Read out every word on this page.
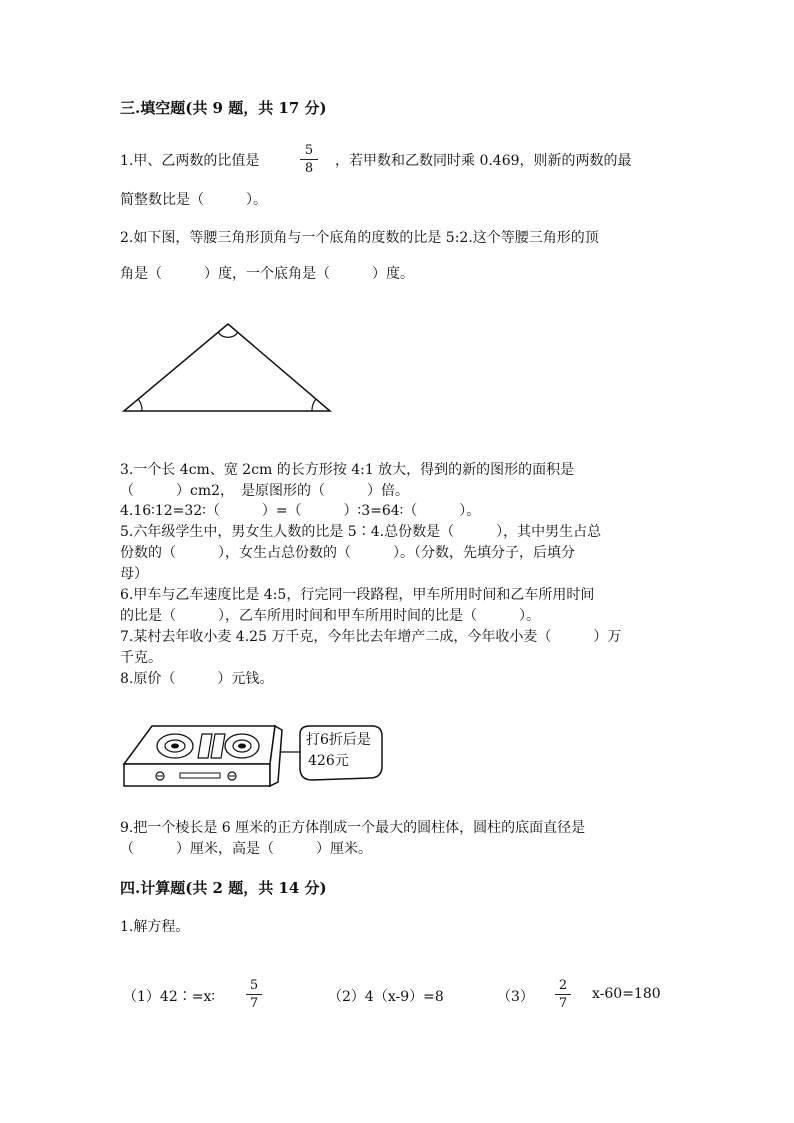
三.填空题(共 9 题，共 17 分)
1.甲、乙两数的比值是
5
8	，若甲数和乙数同时乘 0.469，则新的两数的最
简整数比是（　　　）。
2.如下图，等腰三角形顶角与一个底角的度数的比是 5:2.这个等腰三角形的顶
角是（　　　）度，一个底角是（　　　）度。
3.一个长 4cm、宽 2cm 的长方形按 4:1 放大，得到的新的图形的面积是
（　　　）cm2，　是原图形的（　　　）倍。
4.16∶12=32∶（　　　）=（　　　）∶3=64∶（　　　）。
5.六年级学生中，男女生人数的比是 5∶4.总份数是（　　　），其中男生占总
份数的（　　　），女生占总份数的（　　　）。（分数，先填分子，后填分
母）
6.甲车与乙车速度比是 4:5，行完同一段路程，甲车所用时间和乙车所用时间
的比是（　　　），乙车所用时间和甲车所用时间的比是（　　　）。
7.某村去年收小麦 4.25 万千克，今年比去年增产二成，今年收小麦（　　　）万
千克。
8.原价（　　　）元钱。
打6折后是
426元
9.把一个棱长是 6 厘米的正方体削成一个最大的圆柱体，圆柱的底面直径是
（　　　）厘米，高是（　　　）厘米。
四.计算题(共 2 题，共 14 分)
1.解方程。
（1）42∶=x∶
5
7	（2）4（x-9）=8	（3）
2
7
x-60=180
